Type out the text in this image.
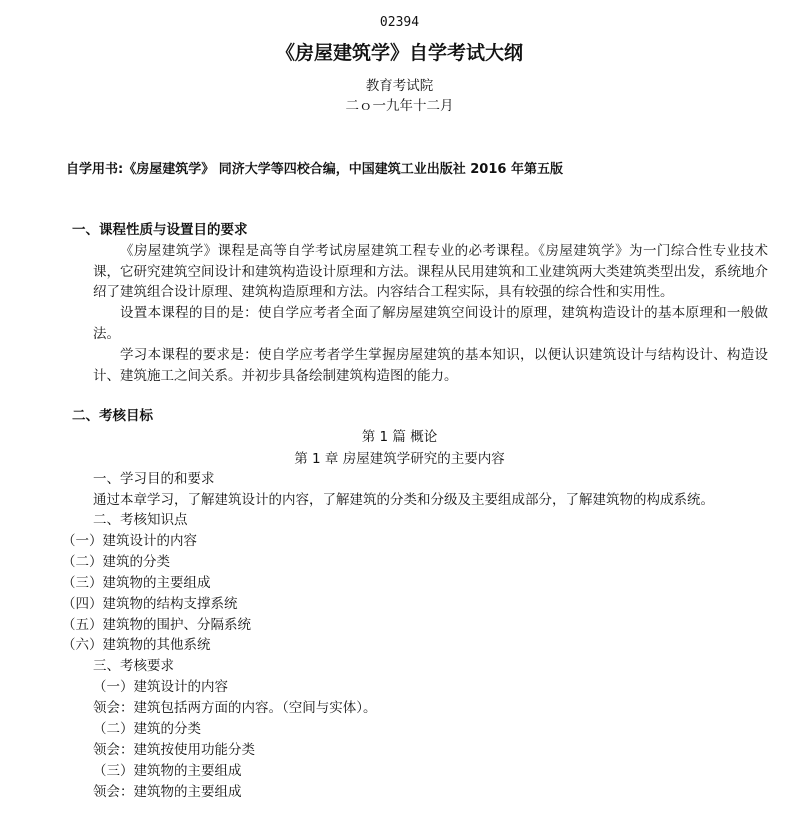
02394
《房屋建筑学》自学考试大纲
教育考试院
二ｏ一九年十二月
自学用书:《房屋建筑学》 同济大学等四校合编，中国建筑工业出版社 2016 年第五版
一、课程性质与设置目的要求
《房屋建筑学》课程是高等自学考试房屋建筑工程专业的必考课程。《房屋建筑学》为一门综合性专业技术课，它研究建筑空间设计和建筑构造设计原理和方法。课程从民用建筑和工业建筑两大类建筑类型出发，系统地介绍了建筑组合设计原理、建筑构造原理和方法。内容结合工程实际，具有较强的综合性和实用性。
设置本课程的目的是：使自学应考者全面了解房屋建筑空间设计的原理，建筑构造设计的基本原理和一般做法。
学习本课程的要求是：使自学应考者学生掌握房屋建筑的基本知识，以便认识建筑设计与结构设计、构造设计、建筑施工之间关系。并初步具备绘制建筑构造图的能力。
二、考核目标
第 1 篇 概论
第 1 章 房屋建筑学研究的主要内容
一、学习目的和要求
通过本章学习，了解建筑设计的内容，了解建筑的分类和分级及主要组成部分，了解建筑物的构成系统。
二、考核知识点
（一）建筑设计的内容
（二）建筑的分类
（三）建筑物的主要组成
（四）建筑物的结构支撑系统
（五）建筑物的围护、分隔系统
（六）建筑物的其他系统
三、考核要求
（一）建筑设计的内容
领会：建筑包括两方面的内容。（空间与实体）。
（二）建筑的分类
领会：建筑按使用功能分类
（三）建筑物的主要组成
领会：建筑物的主要组成
